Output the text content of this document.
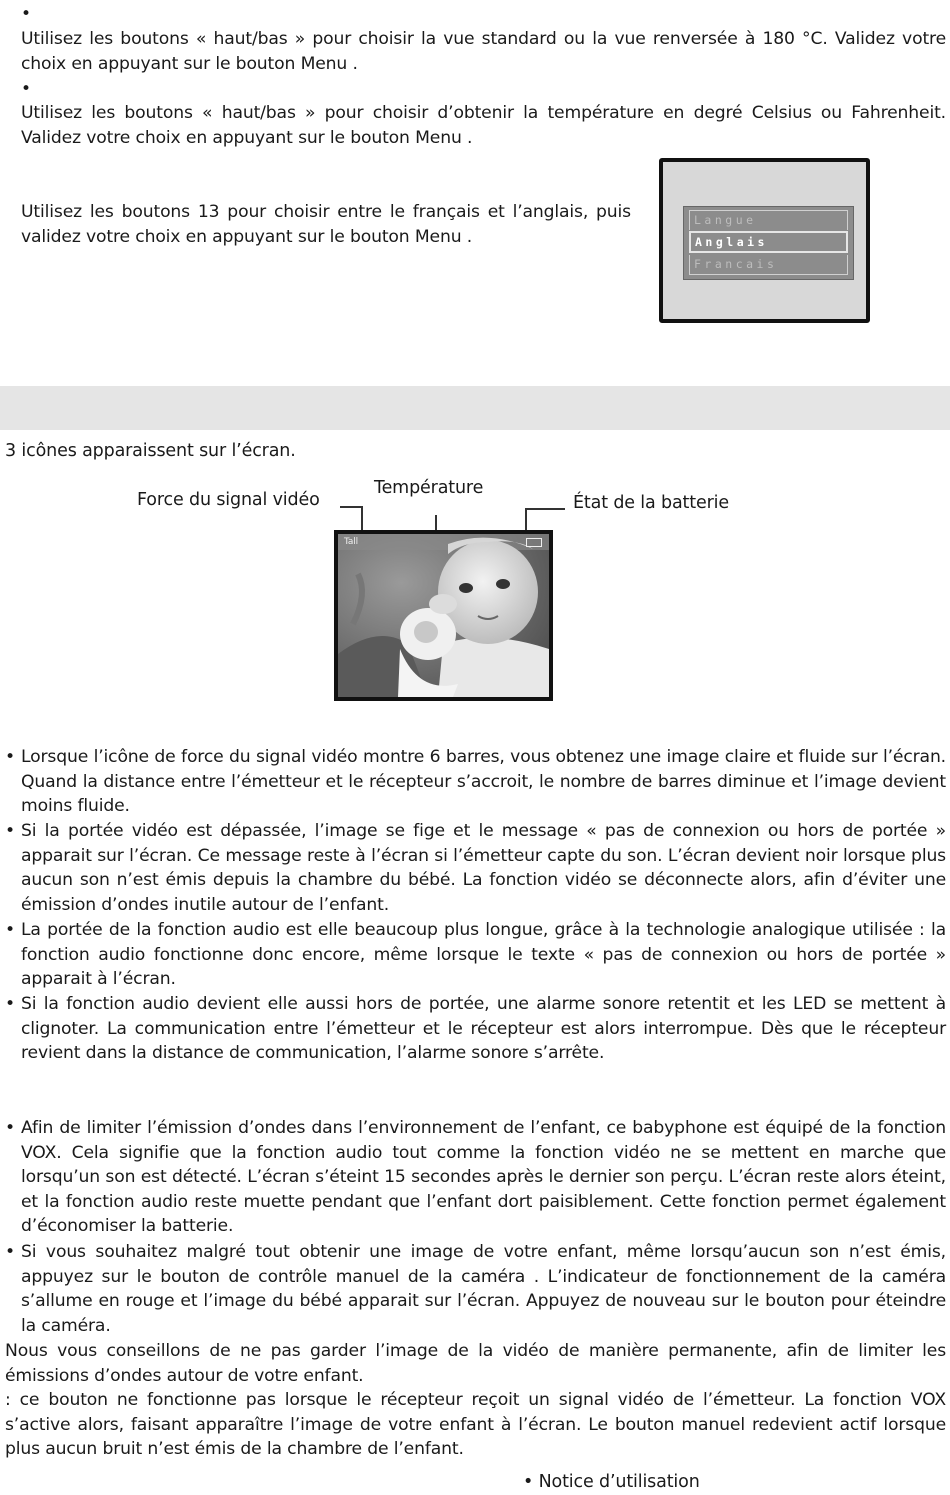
•
Utilisez les boutons « haut/bas » pour choisir la vue standard ou la vue renversée à 180 °C. Validez votre choix en appuyant sur le bouton Menu .
•
Utilisez les boutons « haut/bas » pour choisir d’obtenir la température en degré Celsius ou Fahrenheit. Validez votre choix en appuyant sur le bouton Menu .
Utilisez les boutons 13 pour choisir entre le français et l’anglais, puis validez votre choix en appuyant sur le bouton Menu .
Langue
Anglais
Francais
3 icônes apparaissent sur l’écran.
Force du signal vidéo
Température
État de la batterie
Tall
• Lorsque l’icône de force du signal vidéo montre 6 barres, vous obtenez une image claire et fluide sur l’écran. Quand la distance entre l’émetteur et le récepteur s’accroit, le nombre de barres diminue et l’image devient moins fluide.
• Si la portée vidéo est dépassée, l’image se fige et le message « pas de connexion ou hors de portée » apparait sur l’écran. Ce message reste à l’écran si l’émetteur capte du son. L’écran devient noir lorsque plus aucun son n’est émis depuis la chambre du bébé. La fonction vidéo se déconnecte alors, afin d’éviter une émission d’ondes inutile autour de l’enfant.
• La portée de la fonction audio est elle beaucoup plus longue, grâce à la technologie analogique utilisée : la fonction audio fonctionne donc encore, même lorsque le texte « pas de connexion ou hors de portée » apparait à l’écran.
• Si la fonction audio devient elle aussi hors de portée, une alarme sonore retentit et les LED se mettent à clignoter. La communication entre l’émetteur et le récepteur est alors interrompue. Dès que le récepteur revient dans la distance de communication, l’alarme sonore s’arrête.
• Afin de limiter l’émission d’ondes dans l’environnement de l’enfant, ce babyphone est équipé de la fonction VOX. Cela signifie que la fonction audio tout comme la fonction vidéo ne se mettent en marche que lorsqu’un son est détecté. L’écran s’éteint 15 secondes après le dernier son perçu. L’écran reste alors éteint, et la fonction audio reste muette pendant que l’enfant dort paisiblement. Cette fonction permet également d’économiser la batterie.
• Si vous souhaitez malgré tout obtenir une image de votre enfant, même lorsqu’aucun son n’est émis, appuyez sur le bouton de contrôle manuel de la caméra . L’indicateur de fonctionnement de la caméra s’allume en rouge et l’image du bébé apparait sur l’écran. Appuyez de nouveau sur le bouton pour éteindre la caméra.
Nous vous conseillons de ne pas garder l’image de la vidéo de manière permanente, afin de limiter les émissions d’ondes autour de votre enfant.
: ce bouton ne fonctionne pas lorsque le récepteur reçoit un signal vidéo de l’émetteur. La fonction VOX s’active alors, faisant apparaître l’image de votre enfant à l’écran. Le bouton manuel redevient actif lorsque plus aucun bruit n’est émis de la chambre de l’enfant.
• Notice d’utilisation
